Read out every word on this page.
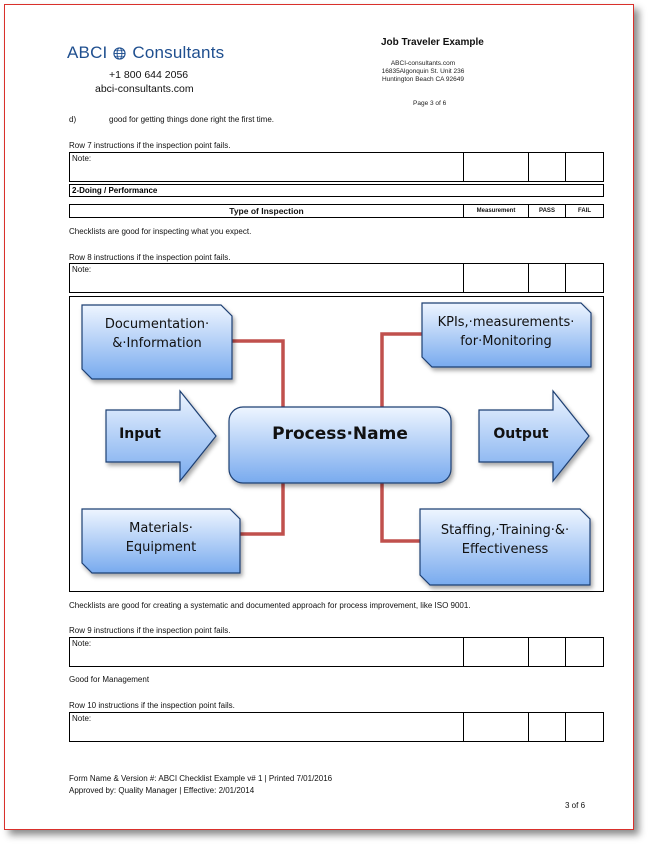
ABCI Consultants
+1 800 644 2056
abci-consultants.com
Job Traveler Example
ABCI-consultants.com
16835Algonquin St. Unit 236
Huntington Beach CA 92649
Page 3 of 6
d)	good for getting things done right the first time.
Row 7 instructions if the inspection point fails.
Note:			
2-Doing / Performance
Type of Inspection	Measurement	PASS	FAIL
Checklists are good for inspecting what you expect.
Row 8 instructions if the inspection point fails.
Note:			
Documentation·
&·Information
KPIs,·measurements·
for·Monitoring
Input	Process·Name	Output
Materials·
Equipment
Staffing,·Training·&·
Effectiveness
Checklists are good for creating a systematic and documented approach for process improvement, like ISO 9001.
Row 9 instructions if the inspection point fails.
Note:			
Good for Management
Row 10 instructions if the inspection point fails.
Note:			
Form Name & Version #: ABCI Checklist Example v# 1 | Printed 7/01/2016
Approved by: Quality Manager | Effective: 2/01/2014
3 of 6
